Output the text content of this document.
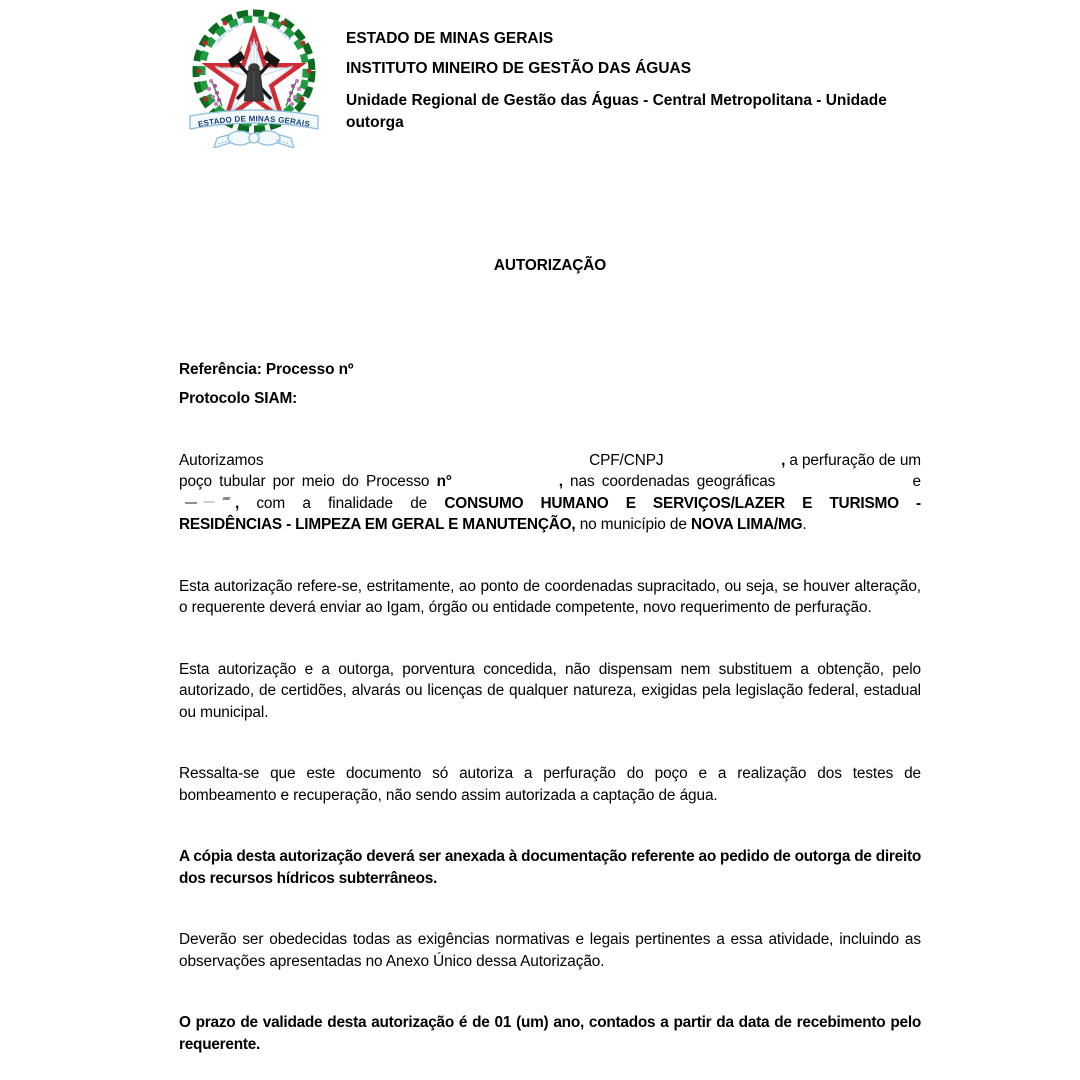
LIBERTAS QUAE	SERA TAMEN
ESTADO DE MINAS GERAIS
ESTADO DE MINAS GERAIS
INSTITUTO MINEIRO DE GESTÃO DAS ÁGUAS
Unidade Regional de Gestão das Águas - Central Metropolitana - Unidade
outorga
AUTORIZAÇÃO
Referência: Processo nº
Protocolo SIAM:
Autorizamos	CPF/CNPJ	, a perfuração de um
poço tubular por meio do Processo n°	, nas coordenadas geográficas	e
, com a finalidade de CONSUMO HUMANO E SERVIÇOS/LAZER E TURISMO -
RESIDÊNCIAS - LIMPEZA EM GERAL E MANUTENÇÃO, no município de NOVA LIMA/MG.
Esta autorização refere-se, estritamente, ao ponto de coordenadas supracitado, ou seja, se houver alteração, o requerente deverá enviar ao Igam, órgão ou entidade competente, novo requerimento de perfuração.
Esta autorização e a outorga, porventura concedida, não dispensam nem substituem a obtenção, pelo autorizado, de certidões, alvarás ou licenças de qualquer natureza, exigidas pela legislação federal, estadual ou municipal.
Ressalta-se que este documento só autoriza a perfuração do poço e a realização dos testes de bombeamento e recuperação, não sendo assim autorizada a captação de água.
A cópia desta autorização deverá ser anexada à documentação referente ao pedido de outorga de direito dos recursos hídricos subterrâneos.
Deverão ser obedecidas todas as exigências normativas e legais pertinentes a essa atividade, incluindo as observações apresentadas no Anexo Único dessa Autorização.
O prazo de validade desta autorização é de 01 (um) ano, contados a partir da data de recebimento pelo requerente.
